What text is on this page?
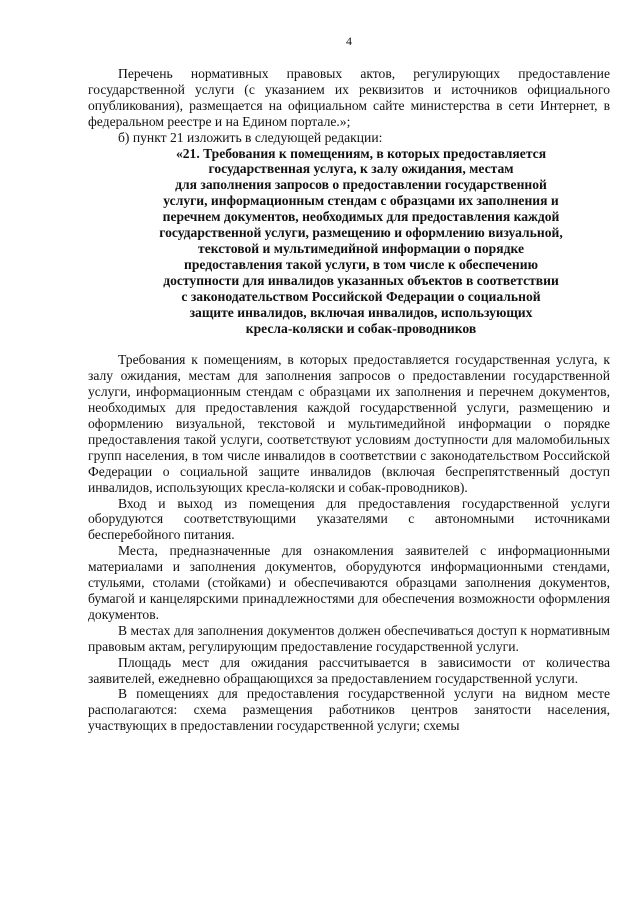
4

Перечень нормативных правовых актов, регулирующих предоставление государственной услуги (с указанием их реквизитов и источников официального опубликования), размещается на официальном сайте министерства в сети Интернет, в федеральном реестре и на Едином портале.»;

б) пункт 21 изложить в следующей редакции:

«21. Требования к помещениям, в которых предоставляется
государственная услуга, к залу ожидания, местам
для заполнения запросов о предоставлении государственной
услуги, информационным стендам с образцами их заполнения и
перечнем документов, необходимых для предоставления каждой
государственной услуги, размещению и оформлению визуальной,
текстовой и мультимедийной информации о порядке
предоставления такой услуги, в том числе к обеспечению
доступности для инвалидов указанных объектов в соответствии
с законодательством Российской Федерации о социальной
защите инвалидов, включая инвалидов, использующих
кресла-коляски и собак-проводников

Требования к помещениям, в которых предоставляется государственная услуга, к залу ожидания, местам для заполнения запросов о предоставлении государственной услуги, информационным стендам с образцами их заполнения и перечнем документов, необходимых для предоставления каждой государственной услуги, размещению и оформлению визуальной, текстовой и мультимедийной информации о порядке предоставления такой услуги, соответствуют условиям доступности для маломобильных групп населения, в том числе инвалидов в соответствии с законодательством Российской Федерации о социальной защите инвалидов (включая беспрепятственный доступ инвалидов, использующих кресла-коляски и собак-проводников).

Вход и выход из помещения для предоставления государственной услуги оборудуются соответствующими указателями с автономными источниками бесперебойного питания.

Места, предназначенные для ознакомления заявителей с информационными материалами и заполнения документов, оборудуются информационными стендами, стульями, столами (стойками) и обеспечиваются образцами заполнения документов, бумагой и канцелярскими принадлежностями для обеспечения возможности оформления документов.

В местах для заполнения документов должен обеспечиваться доступ к нормативным правовым актам, регулирующим предоставление государственной услуги.

Площадь мест для ожидания рассчитывается в зависимости от количества заявителей, ежедневно обращающихся за предоставлением государственной услуги.

В помещениях для предоставления государственной услуги на видном месте располагаются: схема размещения работников центров занятости населения, участвующих в предоставлении государственной услуги; схемы
